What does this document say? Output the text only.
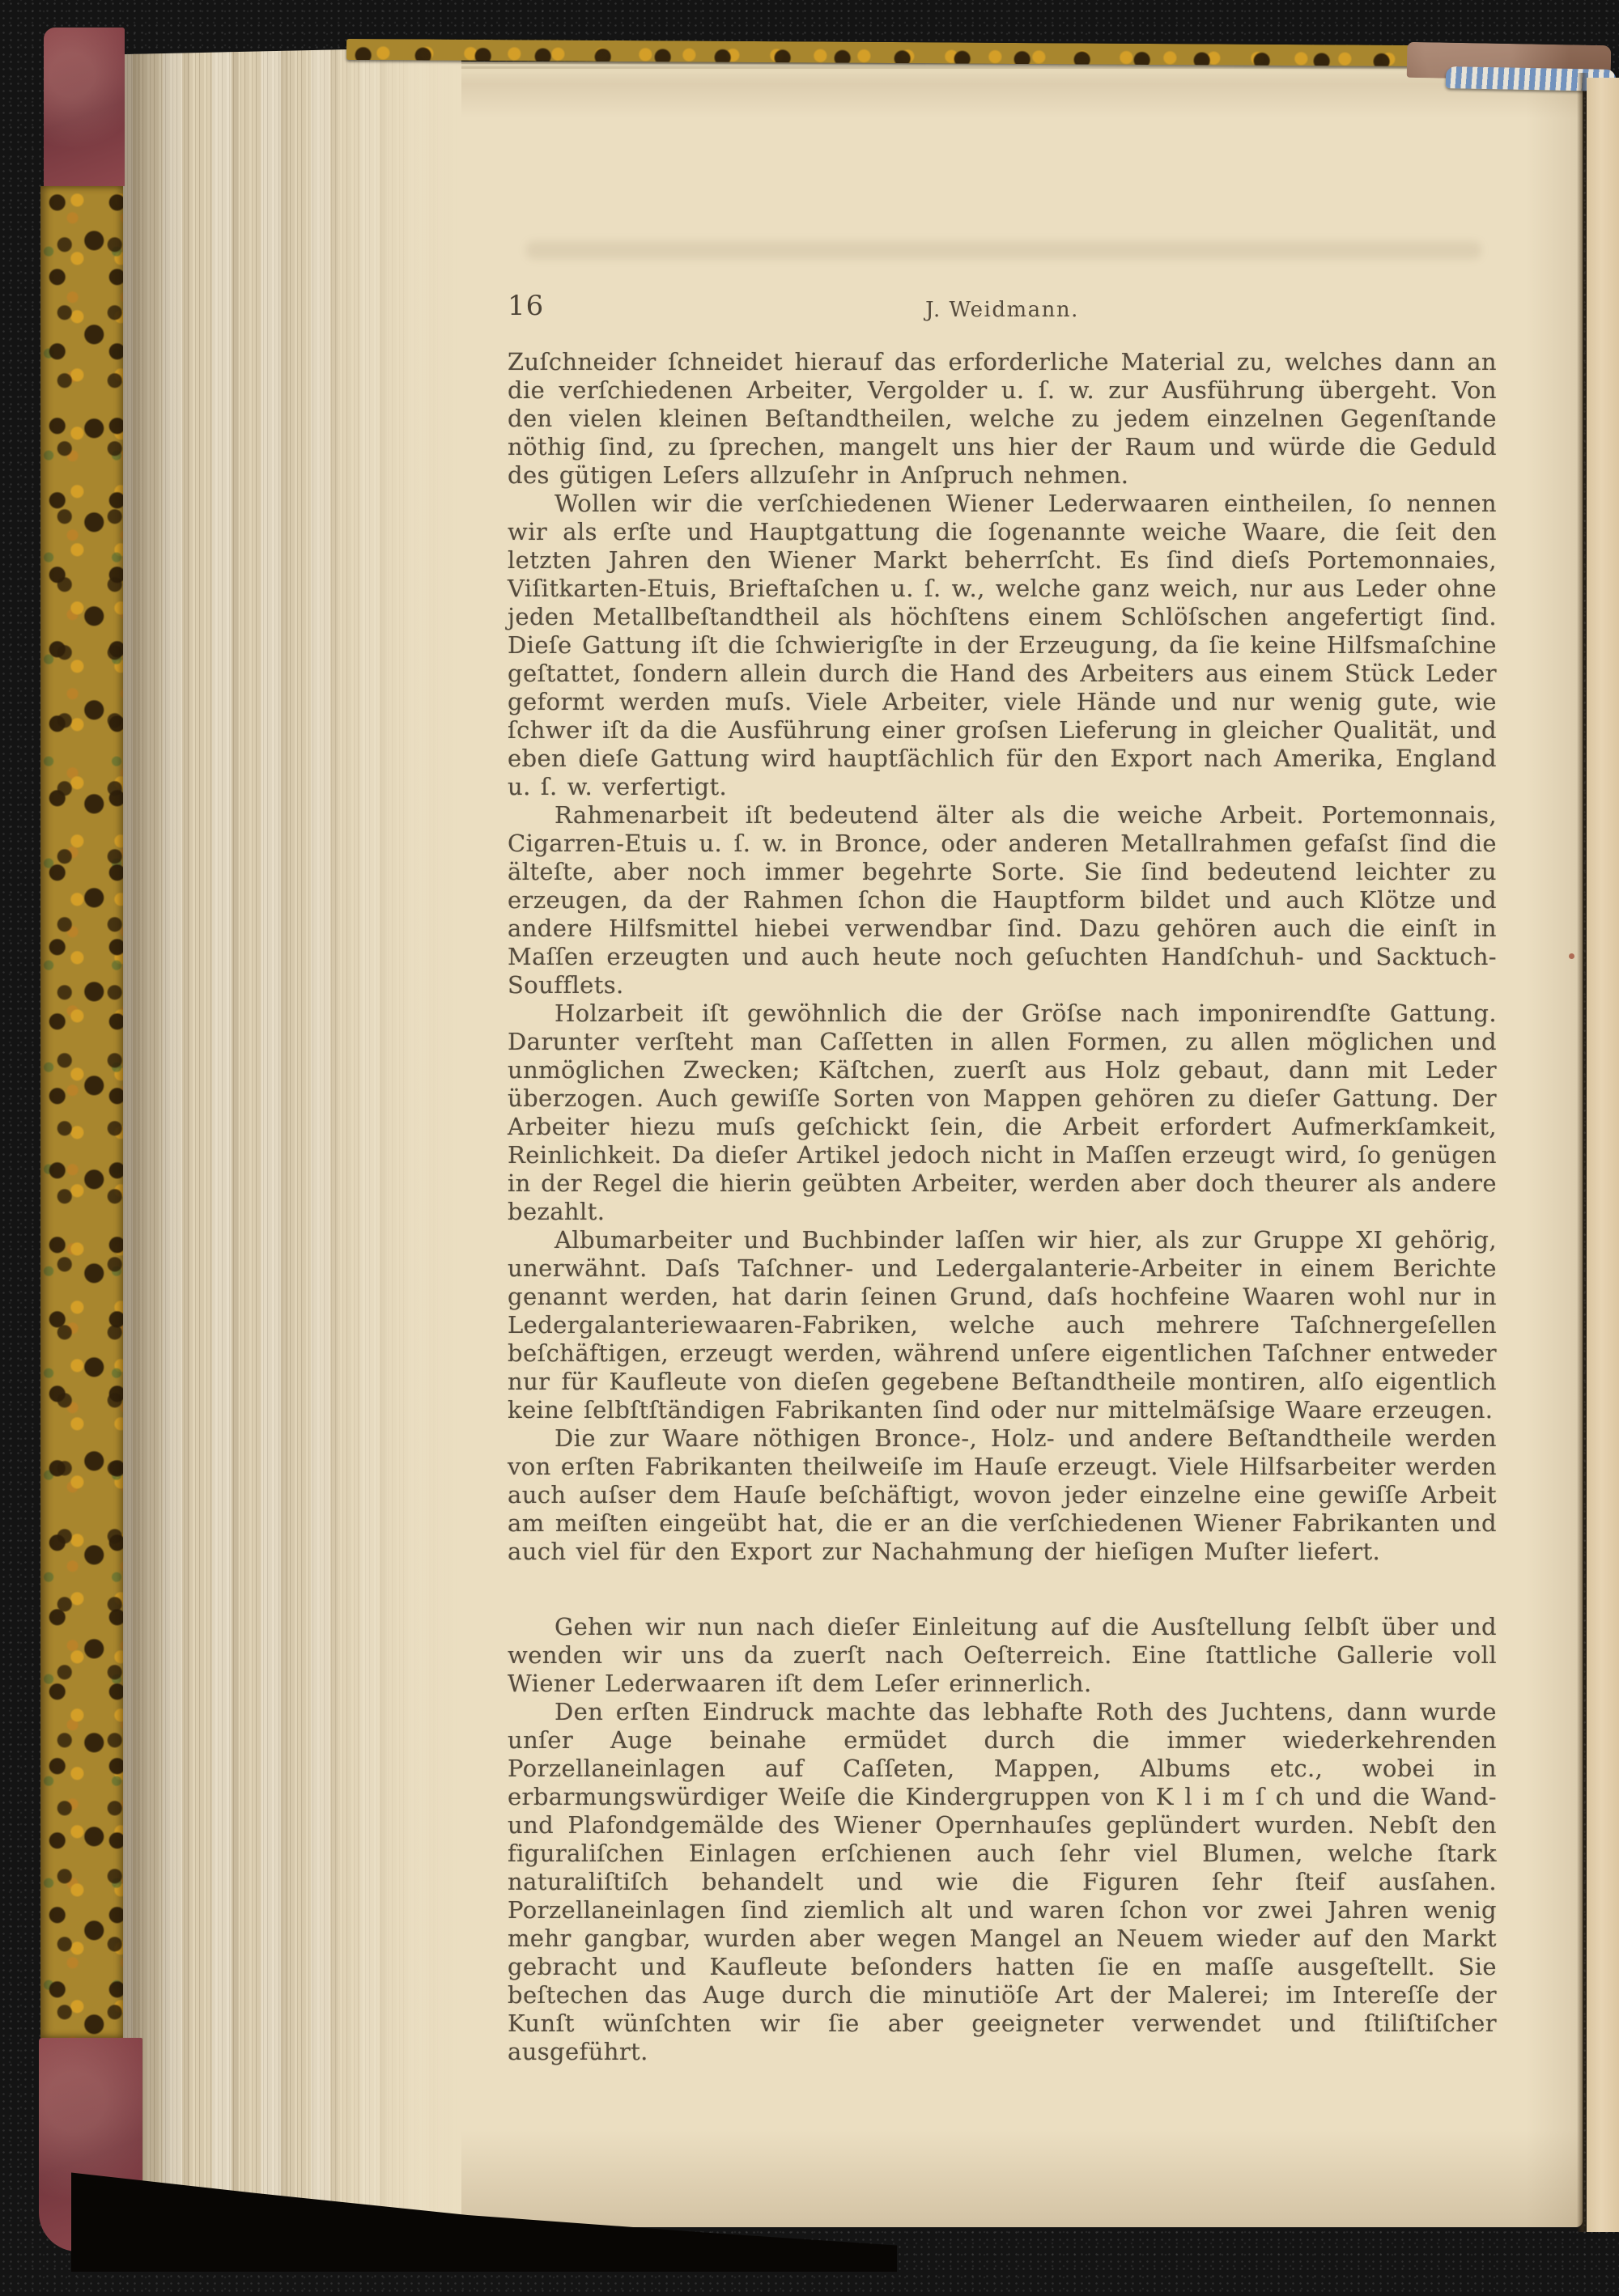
16	J. Weidmann.

Zuſchneider ſchneidet hierauf das erforderliche Material zu, welches dann an die verſchiedenen Arbeiter, Vergolder u. ſ. w. zur Ausführung übergeht. Von den vielen kleinen Beſtandtheilen, welche zu jedem einzelnen Gegenſtande nöthig ſind, zu ſprechen, mangelt uns hier der Raum und würde die Geduld des gütigen Leſers allzuſehr in Anſpruch nehmen.

Wollen wir die verſchiedenen Wiener Lederwaaren eintheilen, ſo nennen wir als erſte und Hauptgattung die ſogenannte weiche Waare, die ſeit den letzten Jahren den Wiener Markt beherrſcht. Es ſind dieſs Portemonnaies, Viſitkarten-Etuis, Brieftaſchen u. ſ. w., welche ganz weich, nur aus Leder ohne jeden Metallbeſtandtheil als höchſtens einem Schlöſschen angefertigt ſind. Dieſe Gattung iſt die ſchwierigſte in der Erzeugung, da ſie keine Hilfsmaſchine geſtattet, ſondern allein durch die Hand des Arbeiters aus einem Stück Leder geformt werden muſs. Viele Arbeiter, viele Hände und nur wenig gute, wie ſchwer iſt da die Ausführung einer groſsen Lieferung in gleicher Qualität, und eben dieſe Gattung wird hauptſächlich für den Export nach Amerika, England u. ſ. w. verfertigt.

Rahmenarbeit iſt bedeutend älter als die weiche Arbeit. Portemonnais, Cigarren-Etuis u. ſ. w. in Bronce, oder anderen Metallrahmen gefaſst ſind die älteſte, aber noch immer begehrte Sorte. Sie ſind bedeutend leichter zu erzeugen, da der Rahmen ſchon die Hauptform bildet und auch Klötze und andere Hilfsmittel hiebei verwendbar ſind. Dazu gehören auch die einſt in Maſſen erzeugten und auch heute noch geſuchten Handſchuh- und Sacktuch-Soufflets.

Holzarbeit iſt gewöhnlich die der Gröſse nach imponirendſte Gattung. Darunter verſteht man Caſſetten in allen Formen, zu allen möglichen und unmöglichen Zwecken; Käſtchen, zuerſt aus Holz gebaut, dann mit Leder überzogen. Auch gewiſſe Sorten von Mappen gehören zu dieſer Gattung. Der Arbeiter hiezu muſs geſchickt ſein, die Arbeit erfordert Aufmerkſamkeit, Reinlichkeit. Da dieſer Artikel jedoch nicht in Maſſen erzeugt wird, ſo genügen in der Regel die hierin geübten Arbeiter, werden aber doch theurer als andere bezahlt.

Albumarbeiter und Buchbinder laſſen wir hier, als zur Gruppe XI gehörig, unerwähnt. Daſs Taſchner- und Ledergalanterie-Arbeiter in einem Berichte genannt werden, hat darin ſeinen Grund, daſs hochfeine Waaren wohl nur in Ledergalanteriewaaren-Fabriken, welche auch mehrere Taſchnergeſellen beſchäftigen, erzeugt werden, während unſere eigentlichen Taſchner entweder nur für Kaufleute von dieſen gegebene Beſtandtheile montiren, alſo eigentlich keine ſelbſtſtändigen Fabrikanten ſind oder nur mittelmäſsige Waare erzeugen.

Die zur Waare nöthigen Bronce-, Holz- und andere Beſtandtheile werden von erſten Fabrikanten theilweiſe im Hauſe erzeugt. Viele Hilfsarbeiter werden auch auſser dem Hauſe beſchäftigt, wovon jeder einzelne eine gewiſſe Arbeit am meiſten eingeübt hat, die er an die verſchiedenen Wiener Fabrikanten und auch viel für den Export zur Nachahmung der hieſigen Muſter liefert.

Gehen wir nun nach dieſer Einleitung auf die Ausſtellung ſelbſt über und wenden wir uns da zuerſt nach Oeſterreich. Eine ſtattliche Gallerie voll Wiener Lederwaaren iſt dem Leſer erinnerlich.

Den erſten Eindruck machte das lebhafte Roth des Juchtens, dann wurde unſer Auge beinahe ermüdet durch die immer wiederkehrenden Porzellaneinlagen auf Caſſeten, Mappen, Albums etc., wobei in erbarmungswürdiger Weiſe die Kindergruppen von K l i m ſ ch und die Wand- und Plafondgemälde des Wiener Opernhauſes geplündert wurden. Nebſt den figuraliſchen Einlagen erſchienen auch ſehr viel Blumen, welche ſtark naturaliſtiſch behandelt und wie die Figuren ſehr ſteif ausſahen. Porzellaneinlagen ſind ziemlich alt und waren ſchon vor zwei Jahren wenig mehr gangbar, wurden aber wegen Mangel an Neuem wieder auf den Markt gebracht und Kaufleute beſonders hatten ſie en maſſe ausgeſtellt. Sie beſtechen das Auge durch die minutiöſe Art der Malerei; im Intereſſe der Kunſt wünſchten wir ſie aber geeigneter verwendet und ſtiliſtiſcher ausgeführt.
